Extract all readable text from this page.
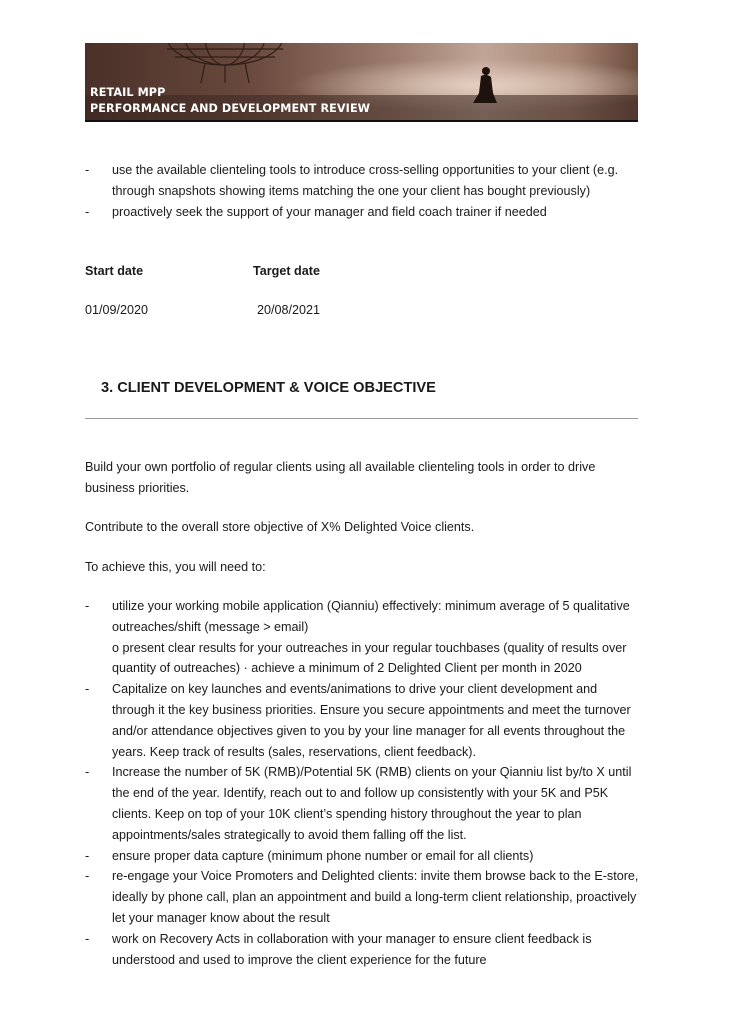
RETAIL MPP
PERFORMANCE AND DEVELOPMENT REVIEW
- use the available clienteling tools to introduce cross-selling opportunities to your client (e.g. through snapshots showing items matching the one your client has bought previously)
- proactively seek the support of your manager and field coach trainer if needed
Start date	Target date
01/09/2020	20/08/2021
3. CLIENT DEVELOPMENT & VOICE OBJECTIVE

Build your own portfolio of regular clients using all available clienteling tools in order to drive business priorities.

Contribute to the overall store objective of X% Delighted Voice clients.

To achieve this, you will need to:

- utilize your working mobile application (Qianniu) effectively: minimum average of 5 qualitative outreaches/shift (message > email)
o present clear results for your outreaches in your regular touchbases (quality of results over quantity of outreaches) · achieve a minimum of 2 Delighted Client per month in 2020
- Capitalize on key launches and events/animations to drive your client development and through it the key business priorities. Ensure you secure appointments and meet the turnover and/or attendance objectives given to you by your line manager for all events throughout the years. Keep track of results (sales, reservations, client feedback).
- Increase the number of 5K (RMB)/Potential 5K (RMB) clients on your Qianniu list by/to X until the end of the year. Identify, reach out to and follow up consistently with your 5K and P5K clients. Keep on top of your 10K client’s spending history throughout the year to plan appointments/sales strategically to avoid them falling off the list.
- ensure proper data capture (minimum phone number or email for all clients)
- re-engage your Voice Promoters and Delighted clients: invite them browse back to the E-store, ideally by phone call, plan an appointment and build a long-term client relationship, proactively let your manager know about the result
- work on Recovery Acts in collaboration with your manager to ensure client feedback is understood and used to improve the client experience for the future
